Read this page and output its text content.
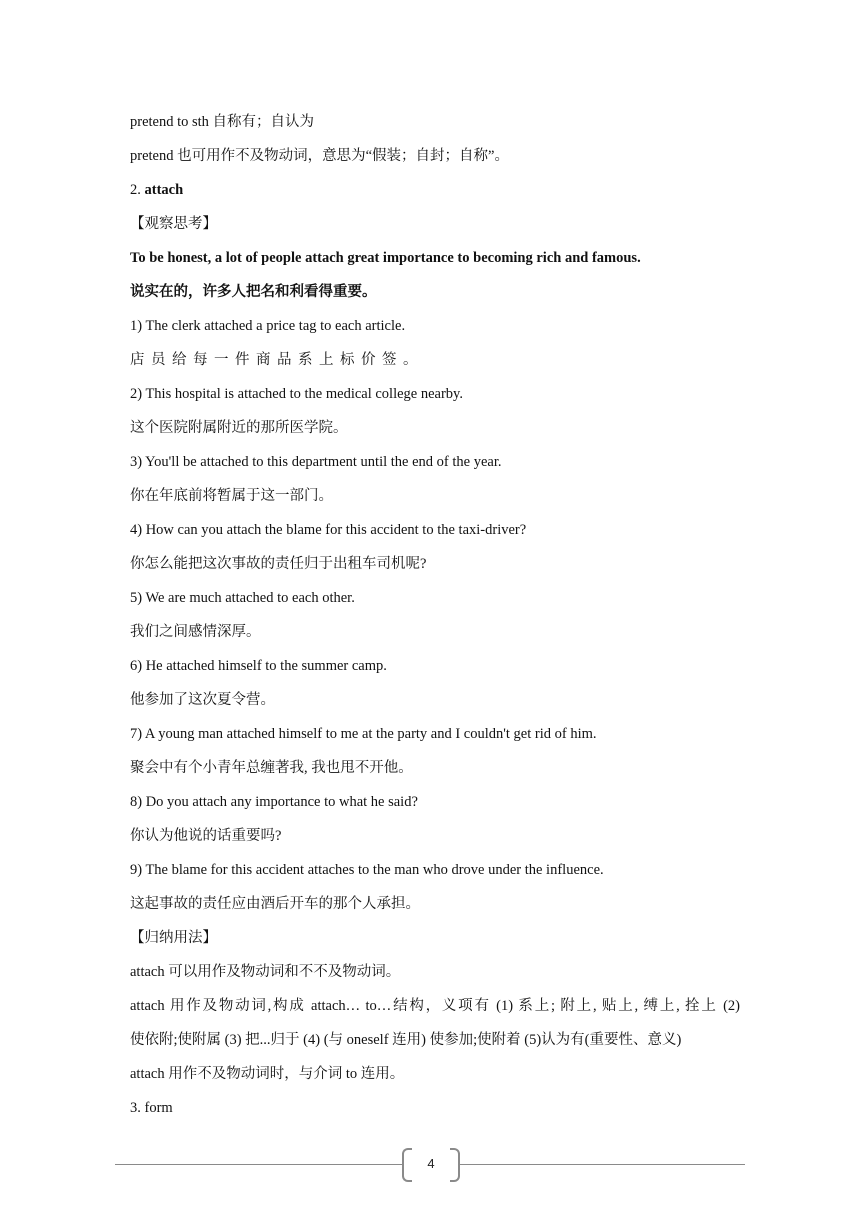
pretend to sth 自称有；自认为
pretend 也可用作不及物动词，意思为“假装；自封；自称”。
2. attach
【观察思考】
To be honest, a lot of people attach great importance to becoming rich and famous.
说实在的，许多人把名和利看得重要。
1) The clerk attached a price tag to each article.
店员给每一件商品系上标价签。
2) This hospital is attached to the medical college nearby.
这个医院附属附近的那所医学院。
3) You'll be attached to this department until the end of the year.
你在年底前将暂属于这一部门。
4) How can you attach the blame for this accident to the taxi-driver?
你怎么能把这次事故的责任归于出租车司机呢?
5) We are much attached to each other.
我们之间感情深厚。
6) He attached himself to the summer camp.
他参加了这次夏令营。
7) A young man attached himself to me at the party and I couldn't get rid of him.
聚会中有个小青年总缠著我, 我也甩不开他。
8) Do you attach any importance to what he said?
你认为他说的话重要吗?
9) The blame for this accident attaches to the man who drove under the influence.
这起事故的责任应由酒后开车的那个人承担。
【归纳用法】
attach 可以用作及物动词和不不及物动词。
attach 用作及物动词,构成 attach… to…结构，义项有 (1) 系上; 附上, 贴上, 缚上, 拴上 (2)
使依附;使附属 (3) 把...归于 (4) (与 oneself 连用) 使参加;使附着 (5)认为有(重要性、意义)
attach 用作不及物动词时，与介词 to 连用。
3. form
4
